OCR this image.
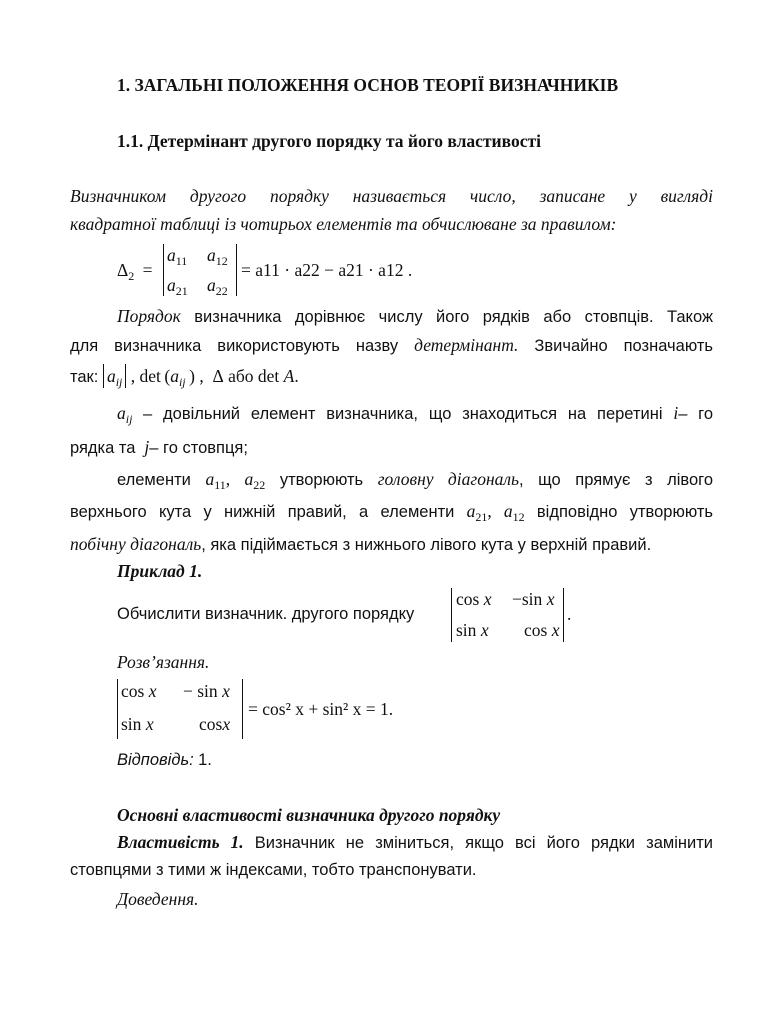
1. ЗАГАЛЬНІ ПОЛОЖЕННЯ ОСНОВ ТЕОРІЇ ВИЗНАЧНИКІВ
1.1. Детермінант другого порядку та його властивості
Визначником другого порядку називається число, записане у вигляді
квадратної таблиці із чотирьох елементів та обчислюване за правилом:
$\Delta_2$ =
$a_{11}$ $a_{12}$
$a_{21}$ $a_{22}$
= a11 · a22 − a21 · a12 .
Порядок визначника дорівнює числу його рядків або стовпців. Також
для визначника використовують назву детермінант. Звичайно позначають
так: $a_{ij}$ , $\det (a_{ij}$ ) ,  Δ або det A.
$a_{ij}$ – довільний елемент визначника, що знаходиться на перетині i– го
рядка та  j– го стовпця;
елементи $a_{11}$, $a_{22}$ утворюють головну діагональ, що прямує з лівого
верхнього кута у нижній правий, а елементи $a_{21}$, $a_{12}$ відповідно утворюють
побічну діагональ, яка підіймається з нижнього лівого кута у верхній правий.
Приклад 1.
Обчислити визначник. другого порядку
cos x −sin x
sin x cos x
.
Розв’язання.
cos x − sin x
sin x	cosx
= cos² x + sin² x = 1.
Відповідь: 1.
Основні властивості визначника другого порядку
Властивість 1. Визначник не зміниться, якщо всі його рядки замінити
стовпцями з тими ж індексами, тобто транспонувати.
Доведення.
